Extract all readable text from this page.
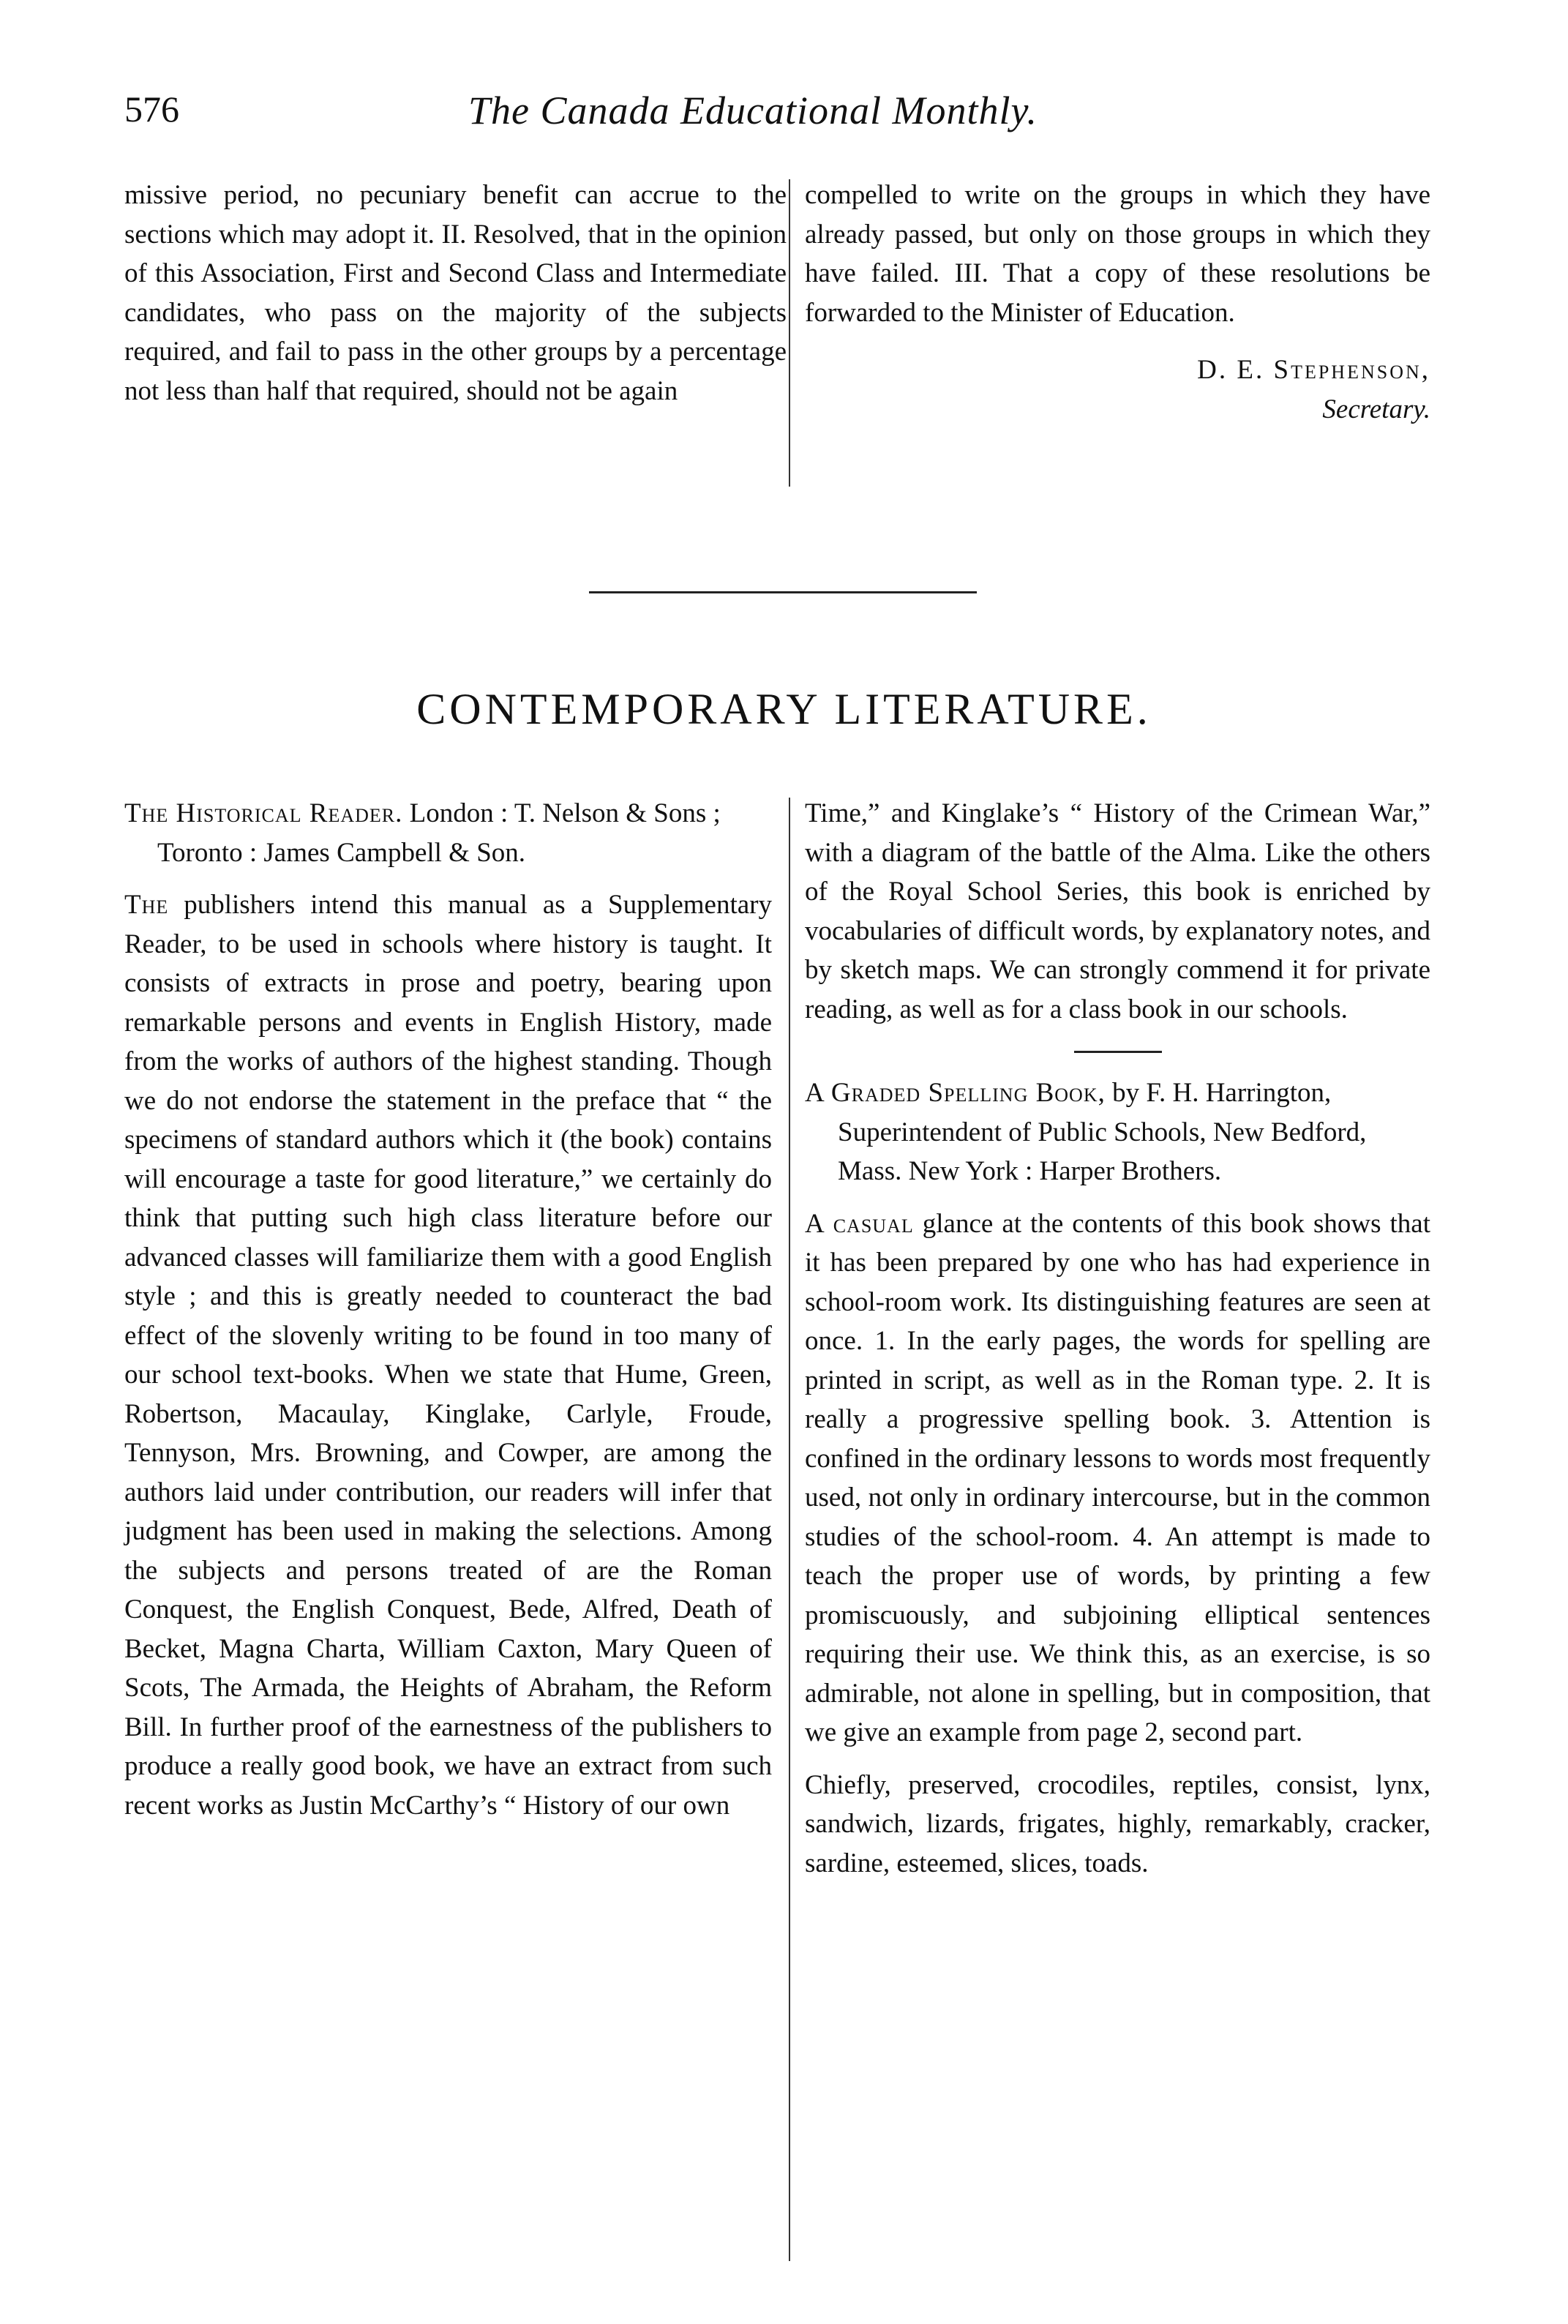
576	The Canada Educational Monthly.

missive period, no pecuniary benefit can accrue to the sections which may adopt it. II. Resolved, that in the opinion of this Association, First and Second Class and Intermediate candidates, who pass on the majority of the subjects required, and fail to pass in the other groups by a percentage not less than half that required, should not be again

compelled to write on the groups in which they have already passed, but only on those groups in which they have failed. III. That a copy of these resolutions be forwarded to the Minister of Education.

D. E. Stephenson,
Secretary.
CONTEMPORARY LITERATURE.

The Historical Reader. London : T. Nelson & Sons ; Toronto : James Campbell & Son.

The publishers intend this manual as a Supplementary Reader, to be used in schools where history is taught. It consists of extracts in prose and poetry, bearing upon remarkable persons and events in English History, made from the works of authors of the highest standing. Though we do not endorse the statement in the preface that “ the specimens of standard authors which it (the book) contains will encourage a taste for good literature,” we certainly do think that putting such high class literature before our advanced classes will familiarize them with a good English style ; and this is greatly needed to counteract the bad effect of the slovenly writing to be found in too many of our school text-books. When we state that Hume, Green, Robertson, Macaulay, Kinglake, Carlyle, Froude, Tennyson, Mrs. Browning, and Cowper, are among the authors laid under contribution, our readers will infer that judgment has been used in making the selections. Among the subjects and persons treated of are the Roman Conquest, the English Conquest, Bede, Alfred, Death of Becket, Magna Charta, William Caxton, Mary Queen of Scots, The Armada, the Heights of Abraham, the Reform Bill. In further proof of the earnestness of the publishers to produce a really good book, we have an extract from such recent works as Justin McCarthy’s “ History of our own

Time,” and Kinglake’s “ History of the Crimean War,” with a diagram of the battle of the Alma. Like the others of the Royal School Series, this book is enriched by vocabularies of difficult words, by explanatory notes, and by sketch maps. We can strongly commend it for private reading, as well as for a class book in our schools.

A Graded Spelling Book, by F. H. Harrington, Superintendent of Public Schools, New Bedford, Mass. New York : Harper Brothers.

A casual glance at the contents of this book shows that it has been prepared by one who has had experience in school-room work. Its distinguishing features are seen at once. 1. In the early pages, the words for spelling are printed in script, as well as in the Roman type. 2. It is really a progressive spelling book. 3. Attention is confined in the ordinary lessons to words most frequently used, not only in ordinary intercourse, but in the common studies of the school-room. 4. An attempt is made to teach the proper use of words, by printing a few promiscuously, and subjoining elliptical sentences requiring their use. We think this, as an exercise, is so admirable, not alone in spelling, but in composition, that we give an example from page 2, second part.

Chiefly, preserved, crocodiles, reptiles, consist, lynx, sandwich, lizards, frigates, highly, remarkably, cracker, sardine, esteemed, slices, toads.
